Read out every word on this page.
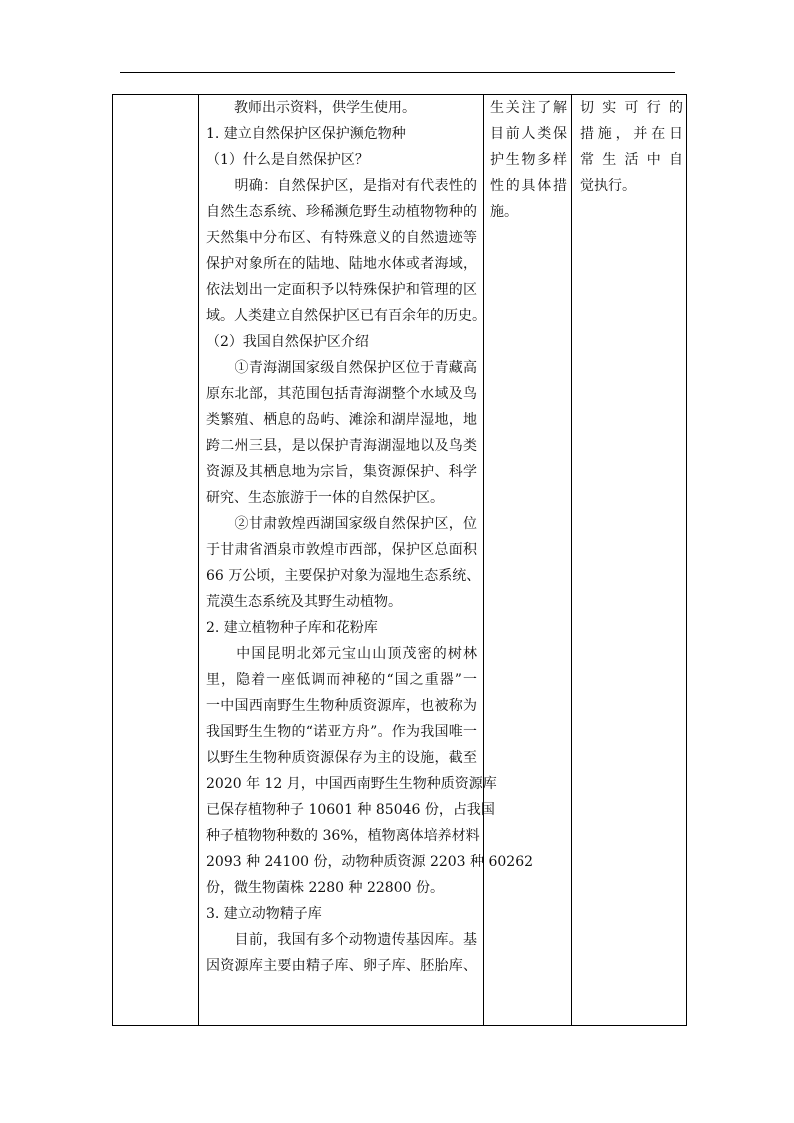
　　教师出示资料，供学生使用。
1. 建立自然保护区保护濒危物种
（1）什么是自然保护区？
　　明确：自然保护区，是指对有代表性的
自然生态系统、珍稀濒危野生动植物物种的
天然集中分布区、有特殊意义的自然遗迹等
保护对象所在的陆地、陆地水体或者海域，
依法划出一定面积予以特殊保护和管理的区
域。人类建立自然保护区已有百余年的历史。
（2）我国自然保护区介绍
　　①青海湖国家级自然保护区位于青藏高
原东北部，其范围包括青海湖整个水域及鸟
类繁殖、栖息的岛屿、滩涂和湖岸湿地，地
跨二州三县，是以保护青海湖湿地以及鸟类
资源及其栖息地为宗旨，集资源保护、科学
研究、生态旅游于一体的自然保护区。
　　②甘肃敦煌西湖国家级自然保护区，位
于甘肃省酒泉市敦煌市西部，保护区总面积
66 万公顷，主要保护对象为湿地生态系统、
荒漠生态系统及其野生动植物。
2. 建立植物种子库和花粉库
　　中国昆明北郊元宝山山顶茂密的树林
里，隐着一座低调而神秘的“国之重器”一
一中国西南野生生物种质资源库，也被称为
我国野生生物的“诺亚方舟”。作为我国唯一
以野生生物种质资源保存为主的设施，截至
2020 年 12 月，中国西南野生生物种质资源库
已保存植物种子 10601 种 85046 份，占我国
种子植物物种数的 36%，植物离体培养材料
2093 种 24100 份，动物种质资源 2203 种 60262
份，微生物菌株 2280 种 22800 份。
3. 建立动物精子库
　　目前，我国有多个动物遗传基因库。基
因资源库主要由精子库、卵子库、胚胎库、
生关注了解
目前人类保
护生物多样
性的具体措
施。
切实可行的
措施，并在日
常生活中自
觉执行。
